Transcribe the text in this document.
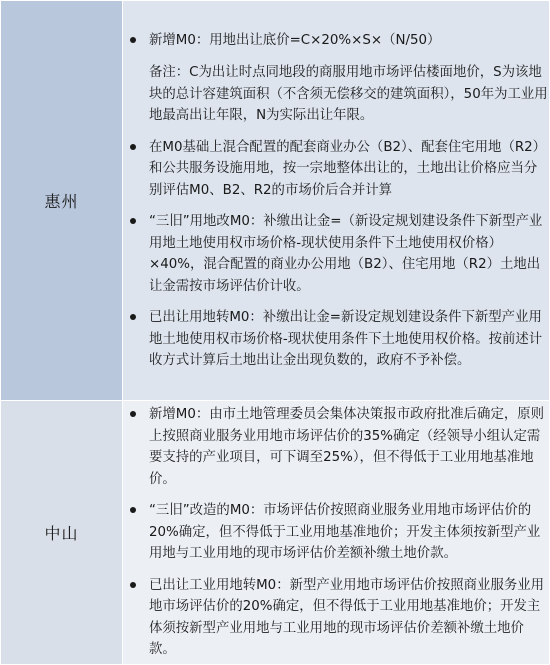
惠州	新增M0：用地出让底价=C×20%×S×（N/50）
备注：C为出让时点同地段的商服用地市场评估楼面地价，S为该地块的总计容建筑面积（不含须无偿移交的建筑面积），50年为工业用地最高出让年限，N为实际出让年限。
在M0基础上混合配置的配套商业办公（B2）、配套住宅用地（R2）和公共服务设施用地，按一宗地整体出让的，土地出让价格应当分别评估M0、B2、R2的市场价后合并计算
“三旧”用地改M0：补缴出让金=（新设定规划建设条件下新型产业用地土地使用权市场价格-现状使用条件下土地使用权价格）×40%，混合配置的商业办公用地（B2）、住宅用地（R2）土地出让金需按市场评估价计收。
已出让用地转M0：补缴出让金=新设定规划建设条件下新型产业用地土地使用权市场价格-现状使用条件下土地使用权价格。按前述计收方式计算后土地出让金出现负数的，政府不予补偿。

中山	新增M0：由市土地管理委员会集体决策报市政府批准后确定，原则上按照商业服务业用地市场评估价的35%确定（经领导小组认定需要支持的产业项目，可下调至25%），但不得低于工业用地基准地价。
“三旧”改造的M0：市场评估价按照商业服务业用地市场评估价的20%确定，但不得低于工业用地基准地价；开发主体须按新型产业用地与工业用地的现市场评估价差额补缴土地价款。
已出让工业用地转M0：新型产业用地市场评估价按照商业服务业用地市场评估价的20%确定，但不得低于工业用地基准地价；开发主体须按新型产业用地与工业用地的现市场评估价差额补缴土地价款。
